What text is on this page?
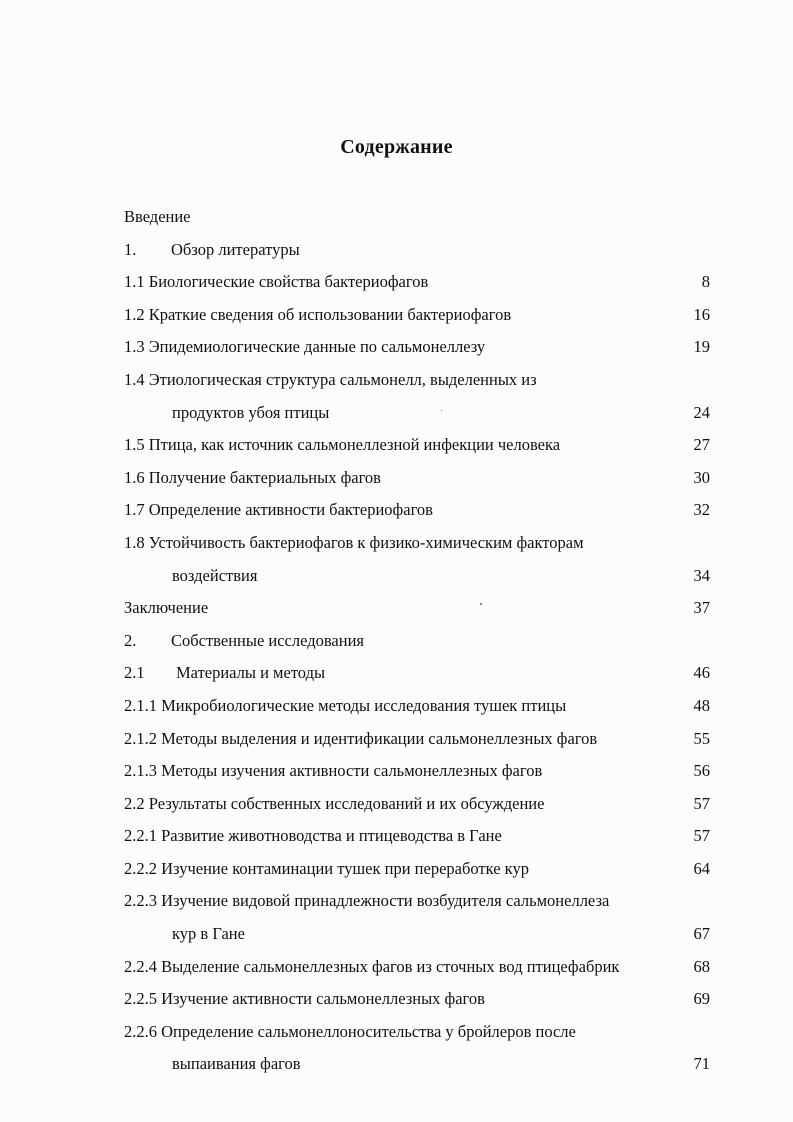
Содержание
Введение
1. Обзор литературы
1.1 Биологические свойства бактериофагов	8
1.2 Краткие сведения об использовании бактериофагов	16
1.3 Эпидемиологические данные по сальмонеллезу	19
1.4 Этиологическая структура сальмонелл, выделенных из
продуктов убоя птицы	24
1.5 Птица, как источник сальмонеллезной инфекции человека	27
1.6 Получение бактериальных фагов	30
1.7 Определение активности бактериофагов	32
1.8 Устойчивость бактериофагов к физико-химическим факторам
воздействия	34
Заключение	37
2. Собственные исследования
2.1 Материалы и методы	46
2.1.1 Микробиологические методы исследования тушек птицы	48
2.1.2 Методы выделения и идентификации сальмонеллезных фагов	55
2.1.3 Методы изучения активности сальмонеллезных фагов	56
2.2 Результаты собственных исследований и их обсуждение	57
2.2.1 Развитие животноводства и птицеводства в Гане	57
2.2.2 Изучение контаминации тушек при переработке кур	64
2.2.3 Изучение видовой принадлежности возбудителя сальмонеллеза
кур в Гане	67
2.2.4 Выделение сальмонеллезных фагов из сточных вод птицефабрик	68
2.2.5 Изучение активности сальмонеллезных фагов	69
2.2.6 Определение сальмонеллоносительства у бройлеров после
выпаивания фагов	71
